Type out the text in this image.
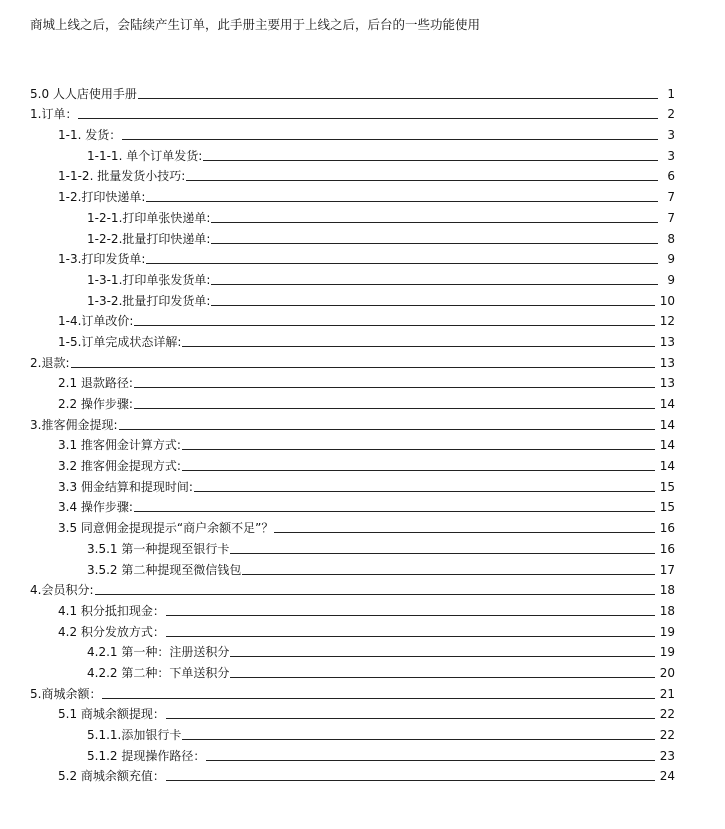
商城上线之后，会陆续产生订单，此手册主要用于上线之后，后台的一些功能使用
5.0 人人店使用手册	1
1.订单：	2
1-1. 发货：	3
1-1-1. 单个订单发货:	3
1-1-2. 批量发货小技巧:	6
1-2.打印快递单:	7
1-2-1.打印单张快递单:	7
1-2-2.批量打印快递单:	8
1-3.打印发货单:	9
1-3-1.打印单张发货单:	9
1-3-2.批量打印发货单:	10
1-4.订单改价:	12
1-5.订单完成状态详解:	13
2.退款:	13
2.1 退款路径:	13
2.2 操作步骤:	14
3.推客佣金提现:	14
3.1 推客佣金计算方式:	14
3.2 推客佣金提现方式:	14
3.3 佣金结算和提现时间:	15
3.4 操作步骤:	15
3.5 同意佣金提现提示“商户余额不足”？	16
3.5.1 第一种提现至银行卡	16
3.5.2 第二种提现至微信钱包	17
4.会员积分:	18
4.1 积分抵扣现金：	18
4.2 积分发放方式：	19
4.2.1 第一种：注册送积分	19
4.2.2 第二种：下单送积分	20
5.商城余额：	21
5.1 商城余额提现：	22
5.1.1.添加银行卡	22
5.1.2 提现操作路径：	23
5.2 商城余额充值：	24
